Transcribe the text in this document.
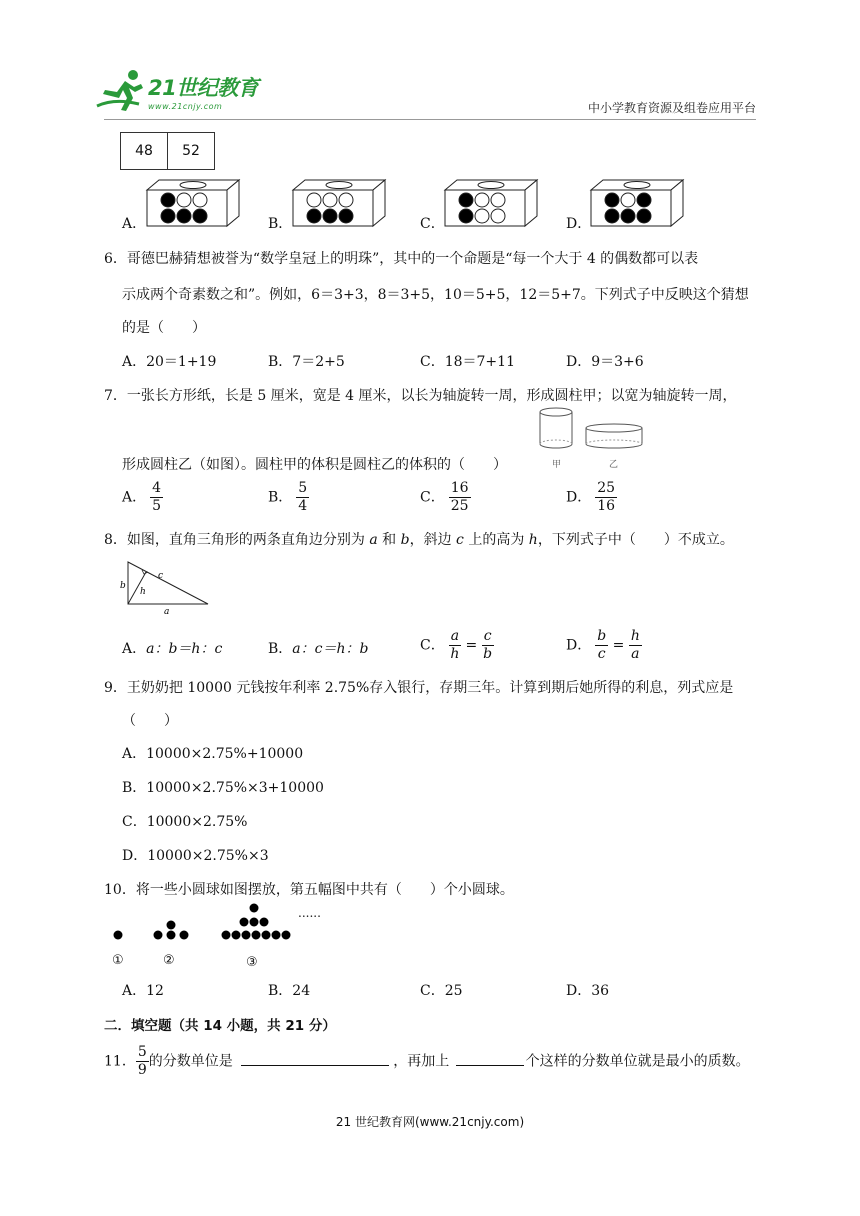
21世纪教育
www.21cnjy.com	中小学教育资源及组卷应用平台
48	52
A．	B．	C．	D．
6．哥德巴赫猜想被誉为“数学皇冠上的明珠”，其中的一个命题是“每一个大于 4 的偶数都可以表
示成两个奇素数之和”。例如，6＝3+3，8＝3+5，10＝5+5，12＝5+7。下列式子中反映这个猜想
的是（　　）
A．20＝1+19	B．7＝2+5	C．18＝7+11	D．9＝3+6
7．一张长方形纸，长是 5 厘米，宽是 4 厘米，以长为轴旋转一周，形成圆柱甲；以宽为轴旋转一周，
甲	乙
形成圆柱乙（如图）。圆柱甲的体积是圆柱乙的体积的（　　）
A． $\frac{4}{5}$	B． $\frac{5}{4}$	C． $\frac{16}{25}$	D． $\frac{25}{16}$
8．如图，直角三角形的两条直角边分别为 a 和 b，斜边 c 上的高为 h，下列式子中（　　）不成立。
b
c
h
a
A．a：b＝h：c	B．a：c＝h：b	C． $\frac{a}{h} = \frac{c}{b}$	D． $\frac{b}{c} = \frac{h}{a}$
9．王奶奶把 10000 元钱按年利率 2.75%存入银行，存期三年。计算到期后她所得的利息，列式应是
（　　）
A．10000×2.75%+10000
B．10000×2.75%×3+10000
C．10000×2.75%
D．10000×2.75%×3
10．将一些小圆球如图摆放，第五幅图中共有（　　）个小圆球。
......
①	②	③
A．12	B．24	C．25	D．36
二．填空题（共 14 小题，共 21 分）
11． $\frac{5}{9}$ 的分数单位是	，再加上	个这样的分数单位就是最小的质数。
21 世纪教育网(www.21cnjy.com)
